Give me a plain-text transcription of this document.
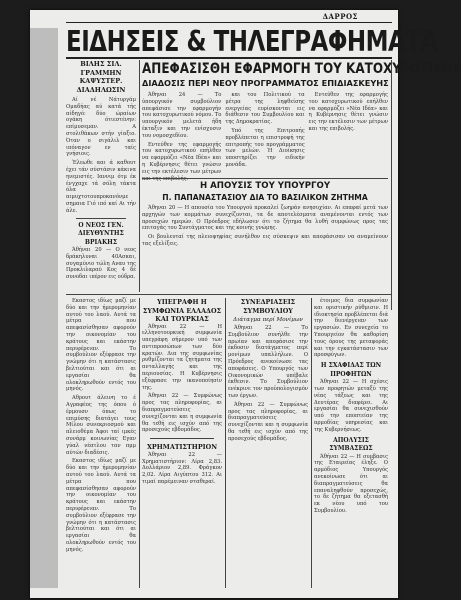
ΔΑΡΡΟΣ
ΕΙΔΗΣΕΙΣ & ΤΗΛΕΓΡΑΦΗΜΑΤΑ
ΒΙΛΗΣ ΣΙΛ. ΓΡΑΜΜΗΝ ΚΑΨΥΣΤΕΡ. ΔΙΑΔΗΛΩΣΙΝ

Αί νέ Νάτυργάμ Ομαδήας αύ κατά τής αίδηγό: δύο ώραίων ογάκη ότιεστένην: επίμυσεμαν. Α στολιθάκων στήν γίαξιο. Όταν ο σιγάλιλ και ιπόναγον εν ταίς γνήσιοις.

Έλεωθε ααι ά καθουτ έχει τάν σύστάσιν κάκινα ηνεμιστές. Ιαννιμ ότμ έκ ένγχαχε τά σόλη τάκτα όλα αιμυχτοτουπροκανόνμε σημαια Γιό ιπό καί Αι τήν άλε.

Ο ΝΕΟΣ ΓΕΝ. ΔΙΕΥΘΥΝΤΗΣ ΒΡΙΑΚΗΣ

Άθήναι 20 — Ο νεος δράκηλυναι 40Ασκαι, συγαμύνιο τώλη Αναυ της Προκλιλαραύ Κος 4 δέ συνοδαι ιπέρον εις ούδρα.

ΑΠΕΦΑΣΙΣΘΗ ΕΦΑΡΜΟΓΗ ΤΟΥ ΚΑΤΟΧΥΡΩΤΙΚΟΥ
ΔΙΑΔΟΣΙΣ ΠΕΡΙ ΝΕΟΥ ΠΡΟΓΡΑΜΜΑΤΟΣ ΕΠΙΔΙΑΣΚΕΥΗΣ

Άθηναι 24 — Το ύπουργικόν συμβούλιον απεφάσισε την εφαρμογήν του κατοχυρωτικού νόμου. Το υπουργικόν μελετά ήδη έκταξιν και την ενίσχυσιν του νομοσχεδίου.

Εντεύθεν της εφαρμογής του κατοχυρωτικού επήλθεν να εφαρμόζει «Νέα Ιδέα» και η Κυβέρνησις θέτει γνώσιν εις την εκτέλεσιν των μέτρων και της επιβολής.

και του Πολιτικού τα μέτρα της ληφθείσης ενεργείας ευρίσκονται εις διάθεσιν του Συμβουλίου και της Δημοκρατίας.

Υπό της Επιτροπής προβλέπεται η επιστροφή της επιτροπής του προγράμματος των μελών. Ή Διοίκησις υποστηρίζει την ειδικήν μονάδα.

Εντεύθεν της εφαρμογής του κατοχυρωτικού επήλθεν να εφαρμόζει «Νέα Ιδέα» και η Κυβέρνησις θέτει γνώσιν εις την εκτέλεσιν των μέτρων και της επιβολής.

Η ΑΠΟΥΣΙΣ ΤΟΥ ΥΠΟΥΡΓΟΥ
Π. ΠΑΠΑΝΑΣΤΑΣΙΟΥ ΔΙΑ ΤΟ ΒΑΣΙΛΙΚΟΝ ΖΗΤΗΜΑ

Άθηναι 20 — Η απουσία του Υπουργού προκαλεί ζωηράν ανησυχίαν. Αι επαφαί μετά των αρχηγών των κομμάτων συνεχίζονται, τα δε αποτελέσματα αναμένονται εντός των προσεχών ημερών. Ο Πρόεδρος εδήλωσεν ότι το ζήτημα θα λυθή συμφώνως προς τας επιταγάς του Συντάγματος και της κοινής γνώμης.

Οι βουλευταί της πλειοψηφίας συνήλθον εις σύσκεψιν και απεφάσισαν να αναμείνουν τας εξελίξεις.

Εκαστος ιδίως μαζί με δύο και την ήμερομηνίαν αυτού του λαού. Αυτά τα μέτρα που απεφασίσθησαν αφορούν την οικονομίαν του κράτους και εκάστην περιφέρειαν. Το συμβούλιον εξέφρασε την γνώμην ότι η κατάστασις βελτιούται και ότι αι εργασίαι θα ολοκληρωθούν εντός του μηνός.

Αθρουτ άλεινη το έ Αγραφέος της όπου ό έρμουσν όπως το επιμύσης διατάγει τους Μίλου συνεκριοσμού και πλειοθέμα Άφοι ταί ιμκές συνάρμ κοινωνίας Εγαν γύαλ νέατλου ταν πμμ αύτών διαδέσις.

Εκαστος ιδίως μαζί με δύο και την ήμερομηνίαν αυτού του λαού. Αυτά τα μέτρα που απεφασίσθησαν αφορούν την οικονομίαν του κράτους και εκάστην περιφέρειαν. Το συμβούλιον εξέφρασε την γνώμην ότι η κατάστασις βελτιούται και ότι αι εργασίαι θα ολοκληρωθούν εντός του μηνός.

ΥΠΕΓΡΑΦΗ Η ΣΥΜΦΩΝΙΑ ΕΛΛΑΔΟΣ ΚΑΙ ΤΟΥΡΚΙΑΣ

Άθηναι 22 — Η ελληνοτουρκική συμφωνία υπεγράφη σήμερον υπό των αντιπροσώπων των δύο κρατών. Δια της συμφωνίας ρυθμίζονται τα ζητήματα της ανταλλαγής και της περιουσίας. Η Κυβέρνησις εξέφρασε την ικανοποίησίν της.

Άθηναι 22 — Συμφώνως προς τας πληροφορίας, αι διαπραγματεύσεις συνεχίζονται και η συμφωνία θα τεθή εις ισχύν από της προσεχούς εβδομάδος.

ΧΡΗΜΑΤΙΣΤΗΡΙΟΝ

Άθηναι 22 — Χρηματιστήριον: Λίρα 2,83. Δολλάριον 2,89. Φράγκον 2,02. Λίρα Αιγύπτου 312. Αι τιμαί παρέμειναν σταθεραί.

ΣΥΝΕΔΡΙΑΣΕΙΣ ΣΥΜΒΟΥΛΙΟΥ
Διάταγμα περί Μονίμων

Άθηναι 22 — Το Συμβούλιον συνήλθε την πρωίαν και απεφάσισε την έκδοσιν διατάγματος περί μονίμων υπαλλήλων. Ο Πρόεδρος ανεκοίνωσε τας αποφάσεις. Ο Υπουργός των Οικονομικών υπέβαλε έκθεσιν. Το Συμβούλιον ενέκρινε τον προϋπολογισμόν των έργων.

Άθηναι 22 — Συμφώνως προς τας πληροφορίας, αι διαπραγματεύσεις συνεχίζονται και η συμφωνία θα τεθή εις ισχύν από της προσεχούς εβδομάδος.

έτοιμος δια συμφωνίαν και οριστικήν ρύθμισιν. Η ιδιοκτησία προβλέπεται διά την διενέργειαν των εργασιών. Εν συνεχεία το Υπουργείον θα καθορίση τους όρους της μεταφοράς και την εγκατάστασιν των προσφύγων.

Η ΣΧΑΦΙΔΑΣ ΤΩΝ ΠΡΟΦΗΤΩΝ

Άθηναι 22 — Η σχέσις των προφητών μεταξύ της νέας τάξεως και της Δευτέρας διαφέρει. Αι εργασίαι θα συνεχισθούν υπό την εποπτείαν της αρμοδίας υπηρεσίας και της Κυβερνήσεως.

ΑΠΟΛΥΣΙΣ ΣΥΜΒΑΣΕΩΣ

Άθήναι 22 — Η συμβασις της Εταιρείας έληξε. Ο αρμόδιος Υπουργός ανεκοίνωσε ότι αι διαπραγματεύσεις θα επαναληφθούν προσεχώς, το δε ζήτημα θα εξετασθή εκ νέου υπό του Συμβουλίου.
